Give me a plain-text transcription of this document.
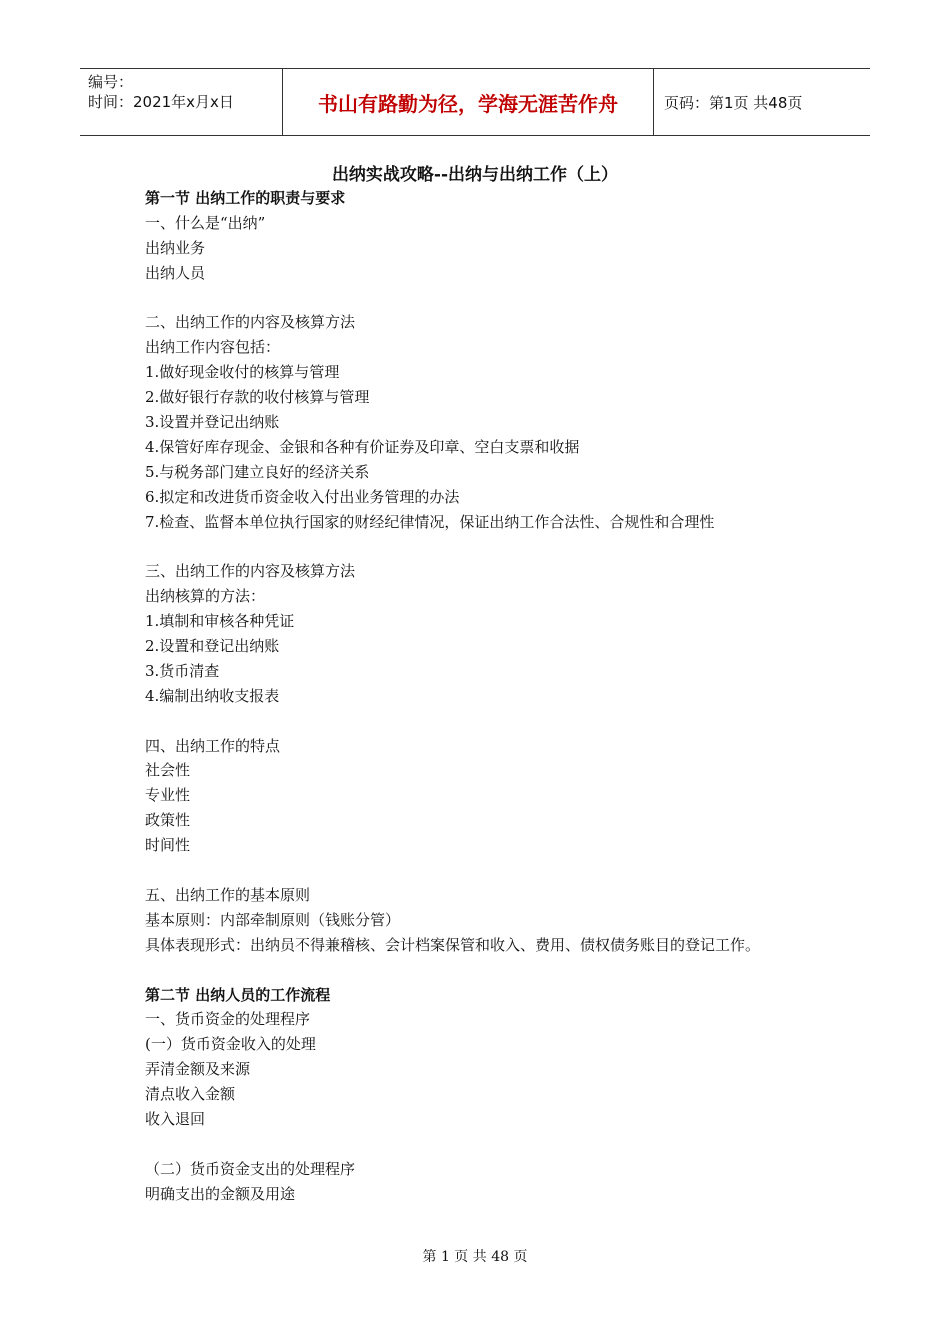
编号：
时间：2021年x月x日	书山有路勤为径，学海无涯苦作舟	页码：第1页 共48页
出纳实战攻略--出纳与出纳工作（上）
第一节 出纳工作的职责与要求
一、什么是“出纳”
出纳业务
出纳人员
二、出纳工作的内容及核算方法
出纳工作内容包括：
1.做好现金收付的核算与管理
2.做好银行存款的收付核算与管理
3.设置并登记出纳账
4.保管好库存现金、金银和各种有价证券及印章、空白支票和收据
5.与税务部门建立良好的经济关系
6.拟定和改进货币资金收入付出业务管理的办法
7.检查、监督本单位执行国家的财经纪律情况，保证出纳工作合法性、合规性和合理性
三、出纳工作的内容及核算方法
出纳核算的方法：
1.填制和审核各种凭证
2.设置和登记出纳账
3.货币清查
4.编制出纳收支报表
四、出纳工作的特点
社会性
专业性
政策性
时间性
五、出纳工作的基本原则
基本原则：内部牵制原则（钱账分管）
具体表现形式：出纳员不得兼稽核、会计档案保管和收入、费用、债权债务账目的登记工作。
第二节 出纳人员的工作流程
一、货币资金的处理程序
(一）货币资金收入的处理
弄清金额及来源
清点收入金额
收入退回
（二）货币资金支出的处理程序
明确支出的金额及用途
第 1 页 共 48 页
